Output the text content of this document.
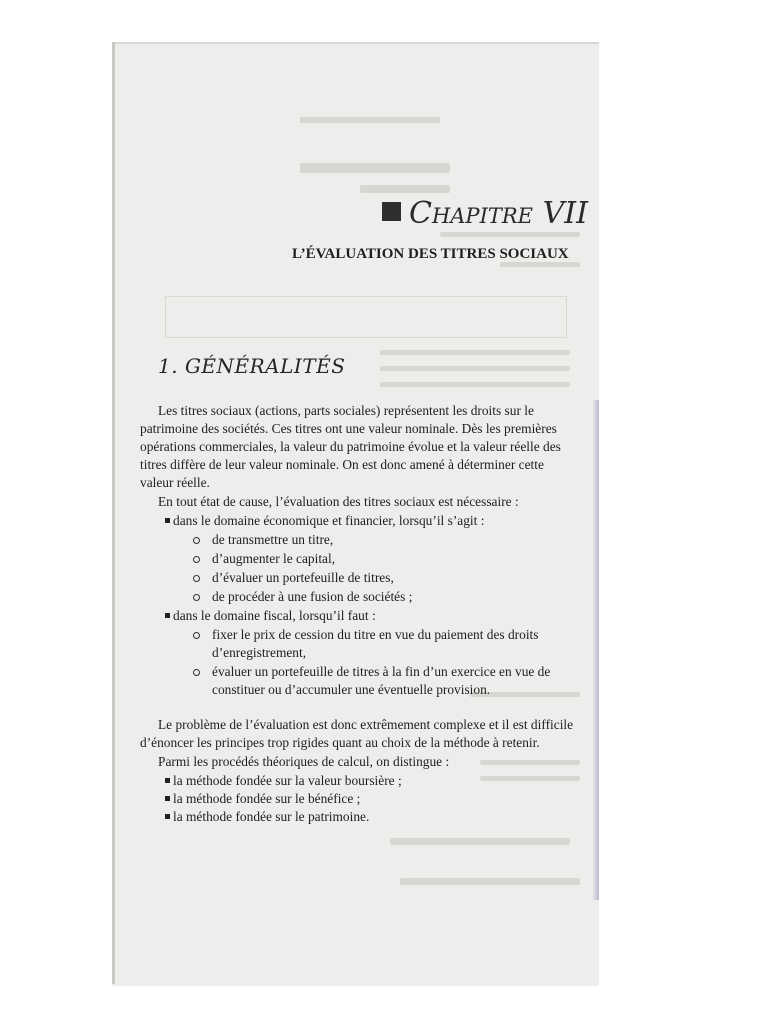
Chapitre VII
L’ÉVALUATION DES TITRES SOCIAUX
1. GÉNÉRALITÉS
Les titres sociaux (actions, parts sociales) représentent les droits sur le
patrimoine des sociétés. Ces titres ont une valeur nominale. Dès les premières
opérations commerciales, la valeur du patrimoine évolue et la valeur réelle des
titres diffère de leur valeur nominale. On est donc amené à déterminer cette
valeur réelle.
En tout état de cause, l’évaluation des titres sociaux est nécessaire :
dans le domaine économique et financier, lorsqu’il s’agit :
de transmettre un titre,
d’augmenter le capital,
d’évaluer un portefeuille de titres,
de procéder à une fusion de sociétés ;
dans le domaine fiscal, lorsqu’il faut :
fixer le prix de cession du titre en vue du paiement des droits
d’enregistrement,
évaluer un portefeuille de titres à la fin d’un exercice en vue de
constituer ou d’accumuler une éventuelle provision.
Le problème de l’évaluation est donc extrêmement complexe et il est difficile
d’énoncer les principes trop rigides quant au choix de la méthode à retenir.
Parmi les procédés théoriques de calcul, on distingue :
la méthode fondée sur la valeur boursière ;
la méthode fondée sur le bénéfice ;
la méthode fondée sur le patrimoine.
